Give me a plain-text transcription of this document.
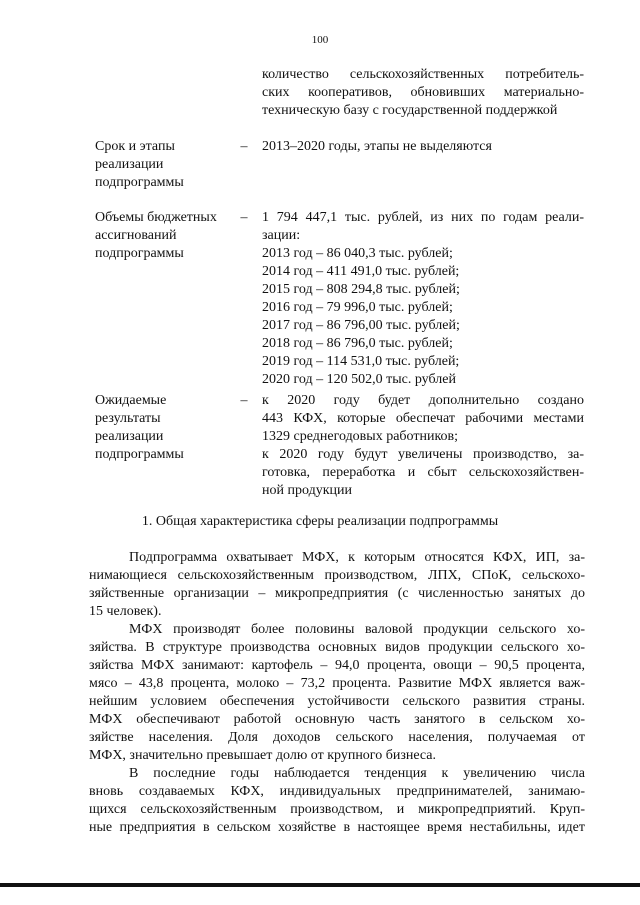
100
количество сельскохозяйственных потребитель-
ских кооперативов, обновивших материально-
техническую базу с государственной поддержкой
Срок и этапы
реализации
подпрограммы
– 2013–2020 годы, этапы не выделяются
Объемы бюджетных
ассигнований
подпрограммы
– 1 794 447,1 тыс. рублей, из них по годам реали-
зации:
2013 год – 86 040,3 тыс. рублей;
2014 год – 411 491,0 тыс. рублей;
2015 год – 808 294,8 тыс. рублей;
2016 год – 79 996,0 тыс. рублей;
2017 год – 86 796,00 тыс. рублей;
2018 год – 86 796,0 тыс. рублей;
2019 год – 114 531,0 тыс. рублей;
2020 год – 120 502,0 тыс. рублей
Ожидаемые
результаты
реализации
подпрограммы
– к 2020 году будет дополнительно создано
443 КФХ, которые обеспечат рабочими местами
1329 среднегодовых работников;
к 2020 году будут увеличены производство, за-
готовка, переработка и сбыт сельскохозяйствен-
ной продукции
1. Общая характеристика сферы реализации подпрограммы
Подпрограмма охватывает МФХ, к которым относятся КФХ, ИП, за-
нимающиеся сельскохозяйственным производством, ЛПХ, СПоК, сельскохо-
зяйственные организации – микропредприятия (с численностью занятых до
15 человек).
МФХ производят более половины валовой продукции сельского хо-
зяйства. В структуре производства основных видов продукции сельского хо-
зяйства МФХ занимают: картофель – 94,0 процента, овощи – 90,5 процента,
мясо – 43,8 процента, молоко – 73,2 процента. Развитие МФХ является важ-
нейшим условием обеспечения устойчивости сельского развития страны.
МФХ обеспечивают работой основную часть занятого в сельском хо-
зяйстве населения. Доля доходов сельского населения, получаемая от
МФХ, значительно превышает долю от крупного бизнеса.
В последние годы наблюдается тенденция к увеличению числа
вновь создаваемых КФХ, индивидуальных предпринимателей, занимаю-
щихся сельскохозяйственным производством, и микропредприятий. Круп-
ные предприятия в сельском хозяйстве в настоящее время нестабильны, идет
